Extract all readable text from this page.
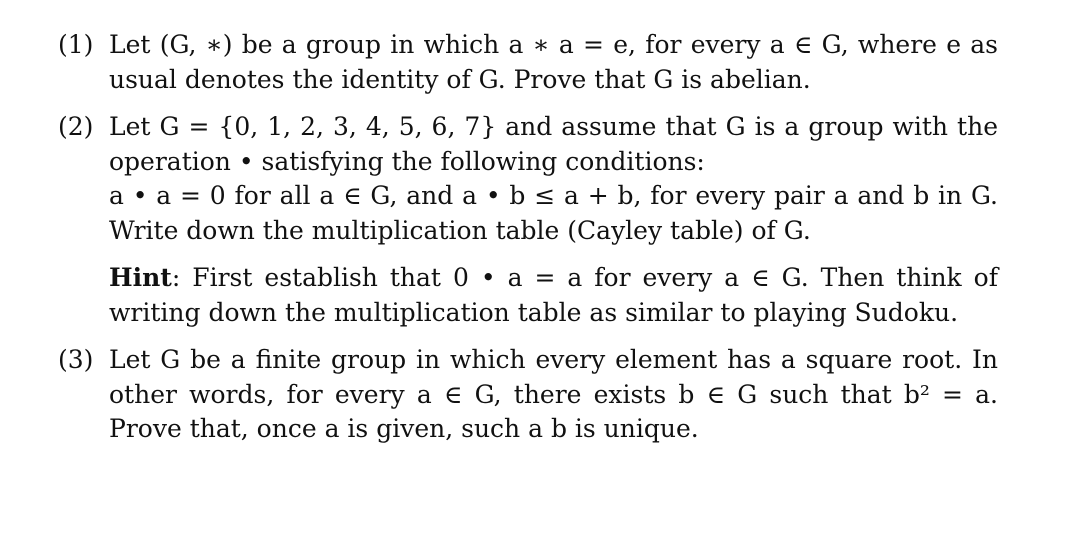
(1) Let (G, ∗) be a group in which a ∗ a = e, for every a ∈ G, where e as
usual denotes the identity of G. Prove that G is abelian.
(2) Let G = {0, 1, 2, 3, 4, 5, 6, 7} and assume that G is a group with the
operation • satisfying the following conditions:
a • a = 0 for all a ∈ G, and a • b ≤ a + b, for every pair a and b in G.
Write down the multiplication table (Cayley table) of G.
Hint: First establish that 0 • a = a for every a ∈ G. Then think of
writing down the multiplication table as similar to playing Sudoku.
(3) Let G be a finite group in which every element has a square root. In
other words, for every a ∈ G, there exists b ∈ G such that b² = a.
Prove that, once a is given, such a b is unique.
